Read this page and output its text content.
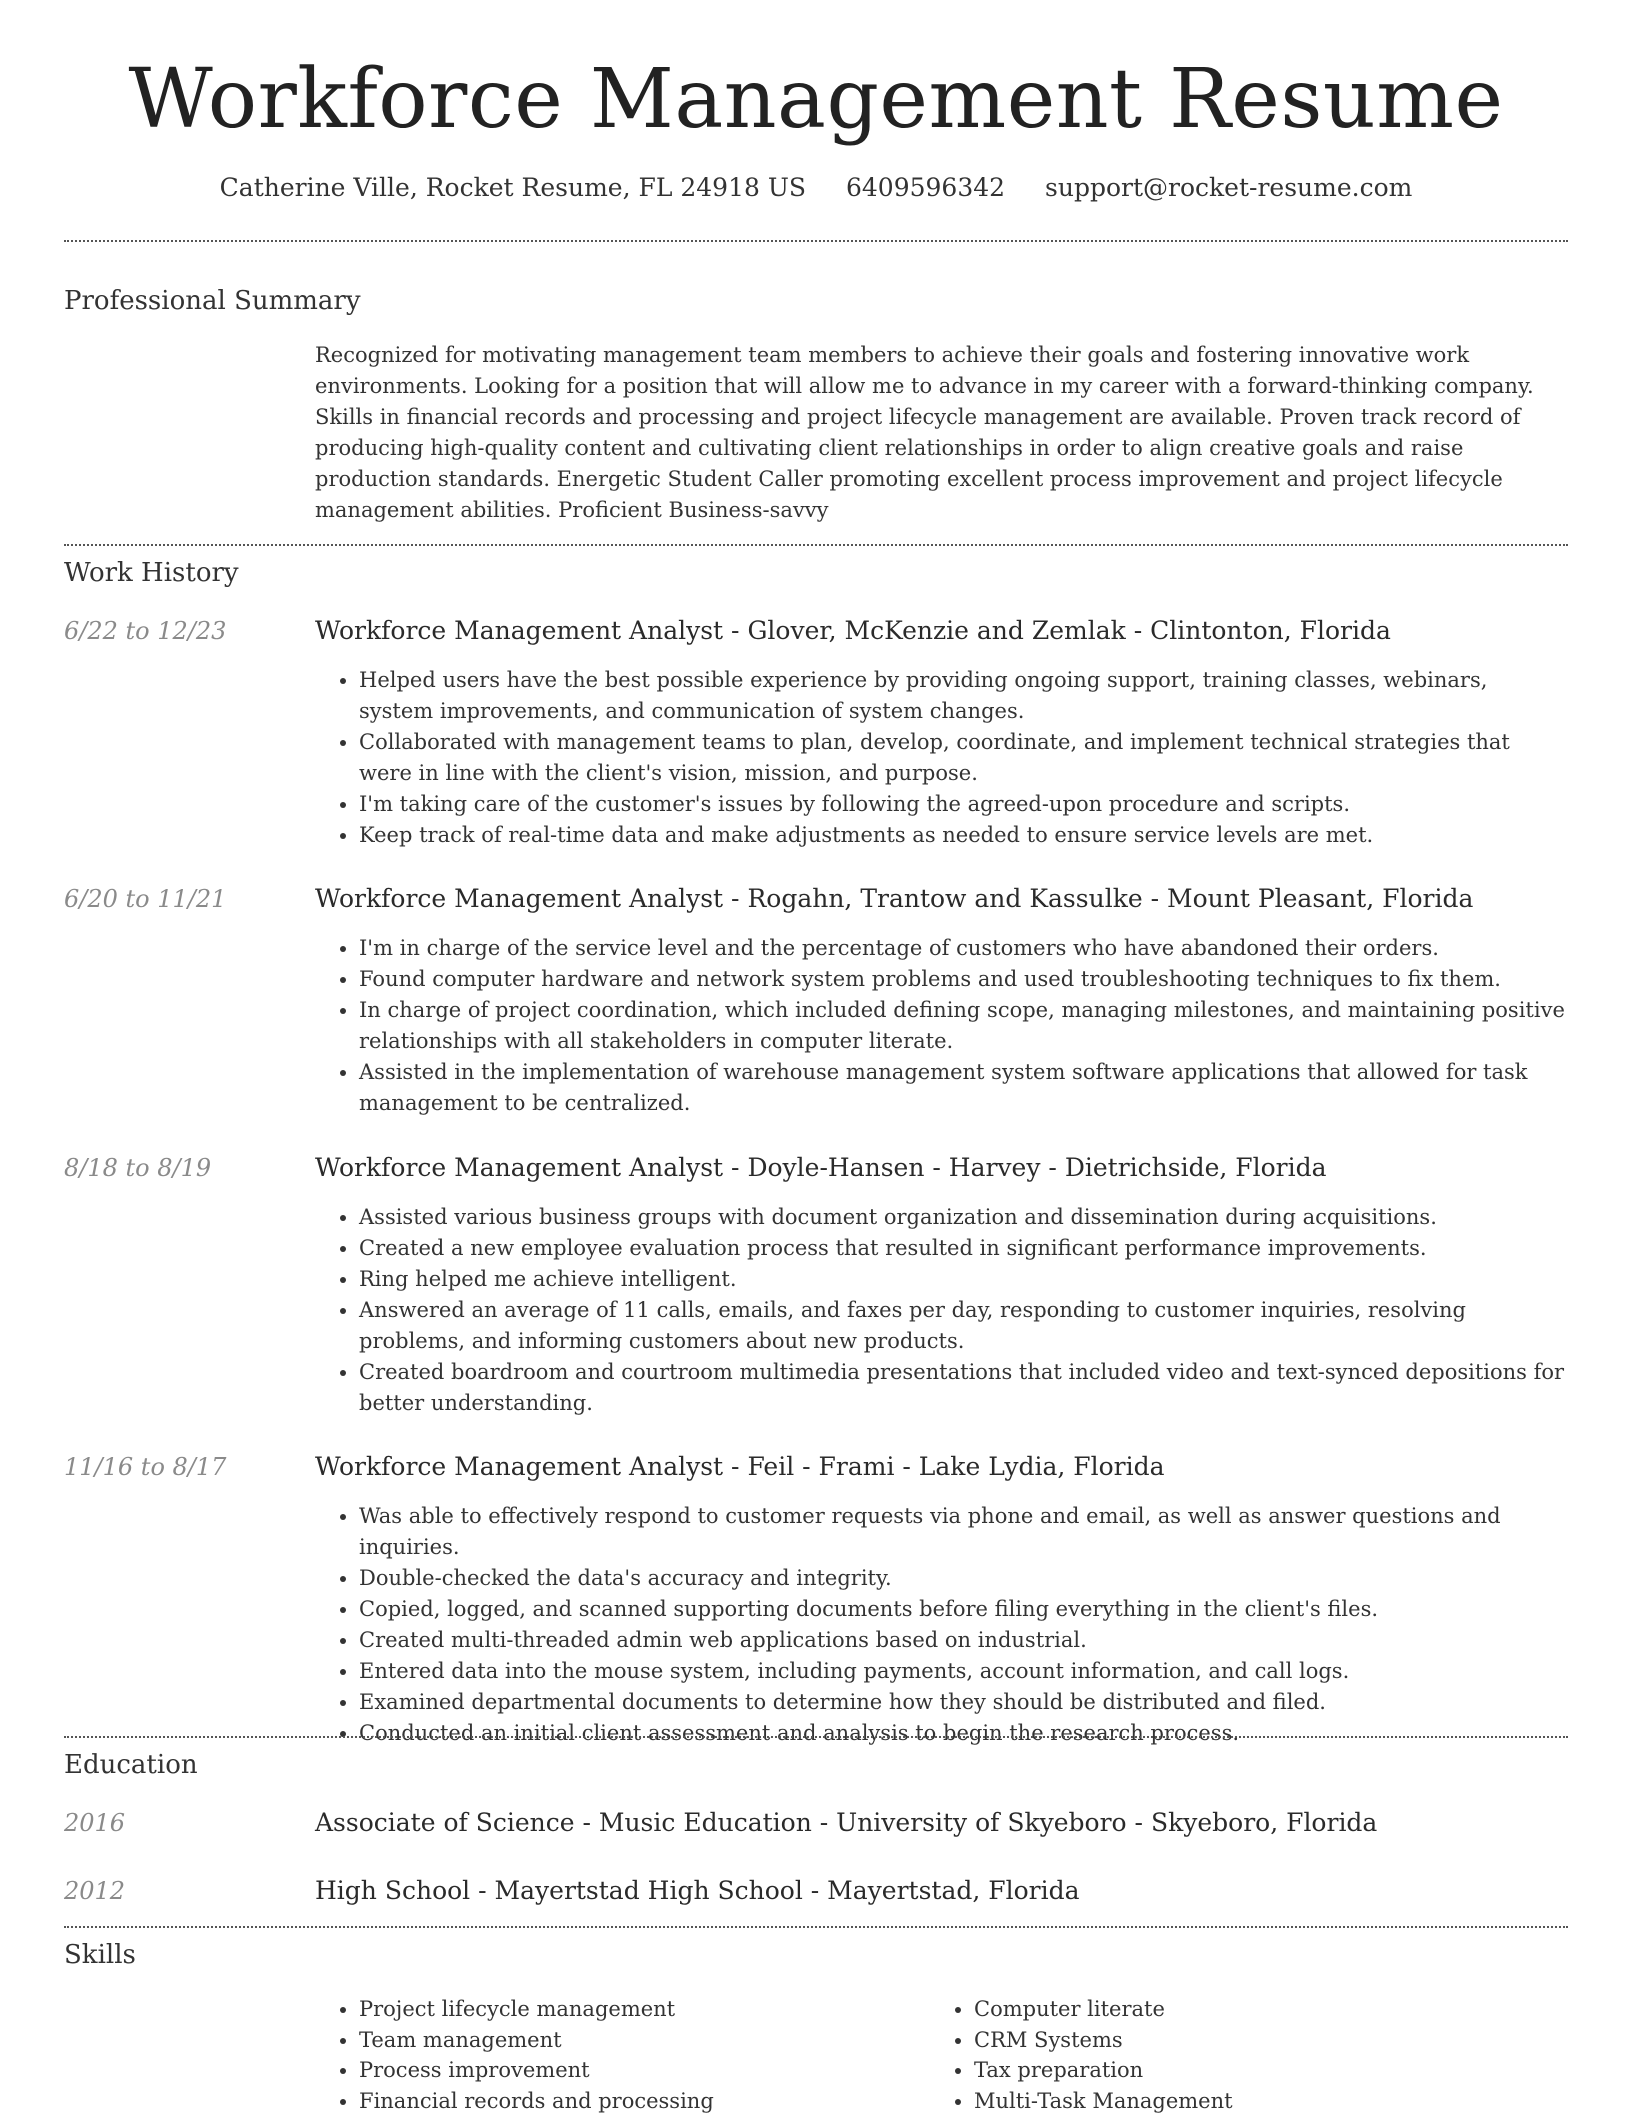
Workforce Management Resume
Catherine Ville, Rocket Resume, FL 24918 US 6409596342 support@rocket-resume.com
Professional Summary
Recognized for motivating management team members to achieve their goals and fostering innovative work environments. Looking for a position that will allow me to advance in my career with a forward-thinking company. Skills in financial records and processing and project lifecycle management are available. Proven track record of producing high-quality content and cultivating client relationships in order to align creative goals and raise production standards. Energetic Student Caller promoting excellent process improvement and project lifecycle management abilities. Proficient Business-savvy
Work History
6/22 to 12/23	Workforce Management Analyst - Glover, McKenzie and Zemlak - Clintonton, Florida
• Helped users have the best possible experience by providing ongoing support, training classes, webinars, system improvements, and communication of system changes.
• Collaborated with management teams to plan, develop, coordinate, and implement technical strategies that were in line with the client's vision, mission, and purpose.
• I'm taking care of the customer's issues by following the agreed-upon procedure and scripts.
• Keep track of real-time data and make adjustments as needed to ensure service levels are met.
6/20 to 11/21	Workforce Management Analyst - Rogahn, Trantow and Kassulke - Mount Pleasant, Florida
• I'm in charge of the service level and the percentage of customers who have abandoned their orders.
• Found computer hardware and network system problems and used troubleshooting techniques to fix them.
• In charge of project coordination, which included defining scope, managing milestones, and maintaining positive relationships with all stakeholders in computer literate.
• Assisted in the implementation of warehouse management system software applications that allowed for task management to be centralized.
8/18 to 8/19	Workforce Management Analyst - Doyle-Hansen - Harvey - Dietrichside, Florida
• Assisted various business groups with document organization and dissemination during acquisitions.
• Created a new employee evaluation process that resulted in significant performance improvements.
• Ring helped me achieve intelligent.
• Answered an average of 11 calls, emails, and faxes per day, responding to customer inquiries, resolving problems, and informing customers about new products.
• Created boardroom and courtroom multimedia presentations that included video and text-synced depositions for better understanding.
11/16 to 8/17	Workforce Management Analyst - Feil - Frami - Lake Lydia, Florida
• Was able to effectively respond to customer requests via phone and email, as well as answer questions and inquiries.
• Double-checked the data's accuracy and integrity.
• Copied, logged, and scanned supporting documents before filing everything in the client's files.
• Created multi-threaded admin web applications based on industrial.
• Entered data into the mouse system, including payments, account information, and call logs.
• Examined departmental documents to determine how they should be distributed and filed.
• Conducted an initial client assessment and analysis to begin the research process.
Education
2016	Associate of Science - Music Education - University of Skyeboro - Skyeboro, Florida
2012	High School - Mayertstad High School - Mayertstad, Florida
Skills
• Project lifecycle management
• Team management
• Process improvement
• Financial records and processing
• Computer literate
• CRM Systems
• Tax preparation
• Multi-Task Management
